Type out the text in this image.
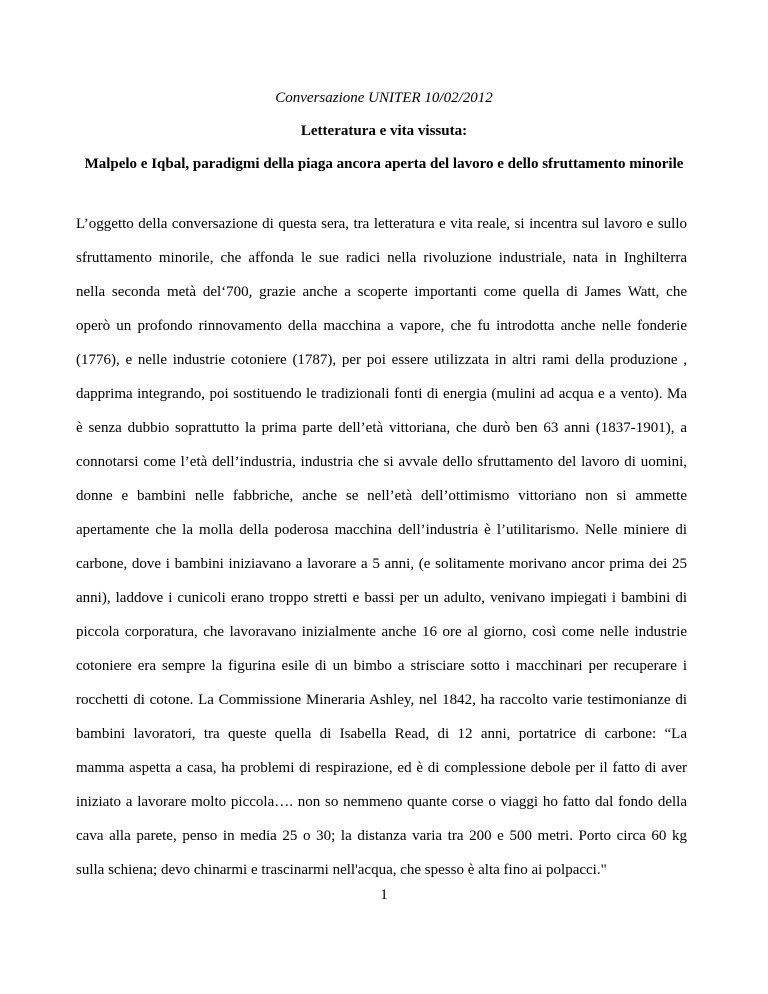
Conversazione UNITER 10/02/2012
Letteratura e vita vissuta:
Malpelo e Iqbal, paradigmi della piaga ancora aperta del lavoro e dello sfruttamento minorile
L’oggetto della conversazione di questa sera, tra letteratura e vita reale, si incentra sul lavoro e sullo
sfruttamento minorile, che affonda le sue radici nella rivoluzione industriale, nata in Inghilterra
nella seconda metà del‘700, grazie anche a scoperte importanti come quella di James Watt, che
operò un profondo rinnovamento della macchina a vapore, che fu introdotta anche nelle fonderie
(1776), e nelle industrie cotoniere (1787), per poi essere utilizzata in altri rami della produzione ,
dapprima integrando, poi sostituendo le tradizionali fonti di energia (mulini ad acqua e a vento). Ma
è senza dubbio soprattutto la prima parte dell’età vittoriana, che durò ben 63 anni (1837-1901), a
connotarsi come l’età dell’industria, industria che si avvale dello sfruttamento del lavoro di uomini,
donne e bambini nelle fabbriche, anche se nell’età dell’ottimismo vittoriano non si ammette
apertamente che la molla della poderosa macchina dell’industria è l’utilitarismo. Nelle miniere di
carbone, dove i bambini iniziavano a lavorare a 5 anni, (e solitamente morivano ancor prima dei 25
anni), laddove i cunicoli erano troppo stretti e bassi per un adulto, venivano impiegati i bambini di
piccola corporatura, che lavoravano inizialmente anche 16 ore al giorno, così come nelle industrie
cotoniere era sempre la figurina esile di un bimbo a strisciare sotto i macchinari per recuperare i
rocchetti di cotone. La Commissione Mineraria Ashley, nel 1842, ha raccolto varie testimonianze di
bambini lavoratori, tra queste quella di Isabella Read, di 12 anni, portatrice di carbone: “La
mamma aspetta a casa, ha problemi di respirazione, ed è di complessione debole per il fatto di aver
iniziato a lavorare molto piccola…. non so nemmeno quante corse o viaggi ho fatto dal fondo della
cava alla parete, penso in media 25 o 30; la distanza varia tra 200 e 500 metri. Porto circa 60 kg
sulla schiena; devo chinarmi e trascinarmi nell'acqua, che spesso è alta fino ai polpacci."
1
